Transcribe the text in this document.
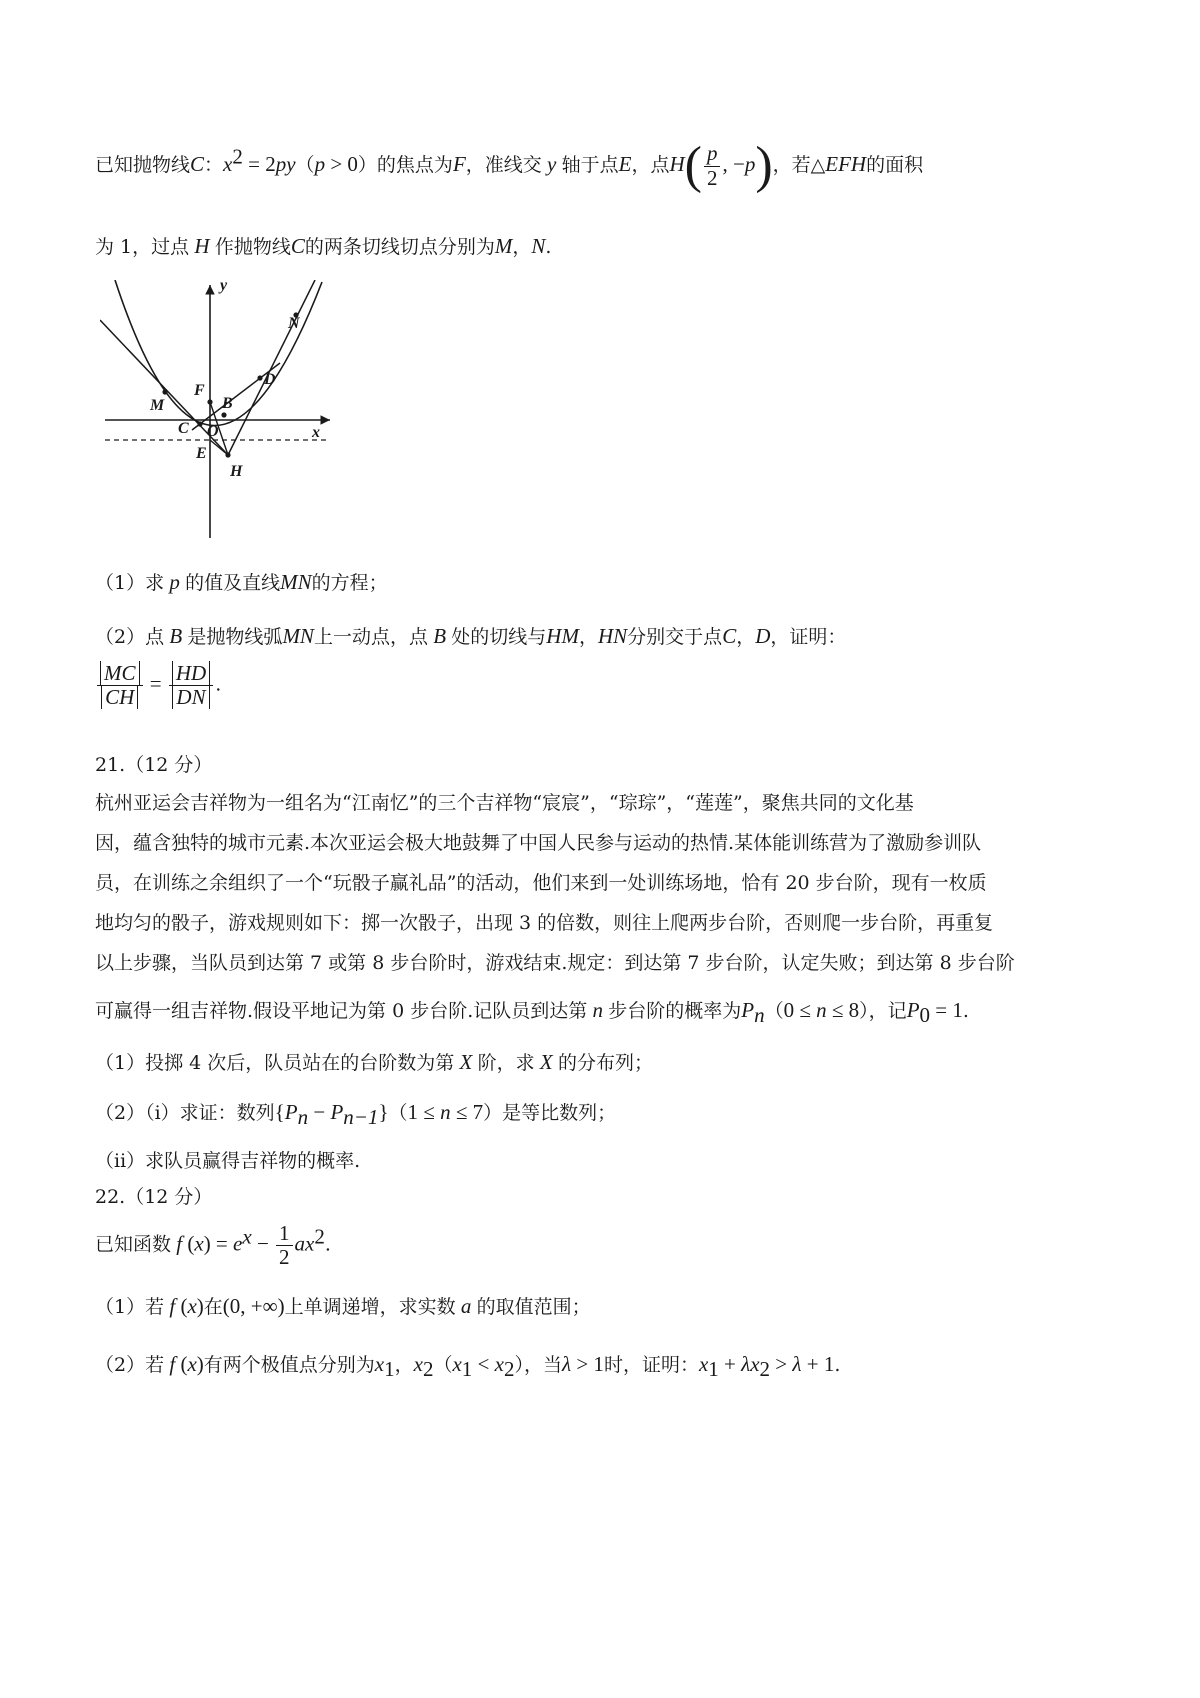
已知抛物线C：$x^2 = 2py(p > 0)$的焦点为F，准线交 y 轴于点E，点$H( \frac{p}{2}$ , −p)，若△EFH的面积
为 1，过点 H 作抛物线C的两条切线切点分别为M，N.
y
x
N
M
F
B
D
C O
E
H
（1）求 p 的值及直线MN的方程；
（2）点 B 是抛物线弧MN上一动点，点 B 处的切线与HM，HN分别交于点C，D，证明：
$\frac{MC}{CH} = \frac{HD}{DN}$ .
21.（12 分）
杭州亚运会吉祥物为一组名为“江南忆”的三个吉祥物“宸宸”，“琮琮”，“莲莲”，聚焦共同的文化基
因，蕴含独特的城市元素.本次亚运会极大地鼓舞了中国人民参与运动的热情.某体能训练营为了激励参训队
员，在训练之余组织了一个“玩骰子赢礼品”的活动，他们来到一处训练场地，恰有 20 步台阶，现有一枚质
地均匀的骰子，游戏规则如下：掷一次骰子，出现 3 的倍数，则往上爬两步台阶，否则爬一步台阶，再重复
以上步骤，当队员到达第 7 或第 8 步台阶时，游戏结束.规定：到达第 7 步台阶，认定失败；到达第 8 步台阶
可赢得一组吉祥物.假设平地记为第 0 步台阶.记队员到达第 n 步台阶的概率为$P_n(0 \le n \le 8)$，记$P_0 = 1$.
（1）投掷 4 次后，队员站在的台阶数为第 X 阶，求 X 的分布列；
（2）（ⅰ）求证：数列$\{P_n - P_{n-1}\}(1 \le n \le 7)$是等比数列；
（ⅱ）求队员赢得吉祥物的概率.
22.（12 分）
已知函数 f $(x) = e^x - \frac{1}{2} ax^2$.
（1）若 f (x)在(0, +∞)上单调递增，求实数 a 的取值范围；
（2）若 f (x)有两个极值点分别为$x_1$，$x_2(x_1 < x_2)$，当λ > 1时，证明：$x_1 + \lambda x_2 > \lambda + 1$.
